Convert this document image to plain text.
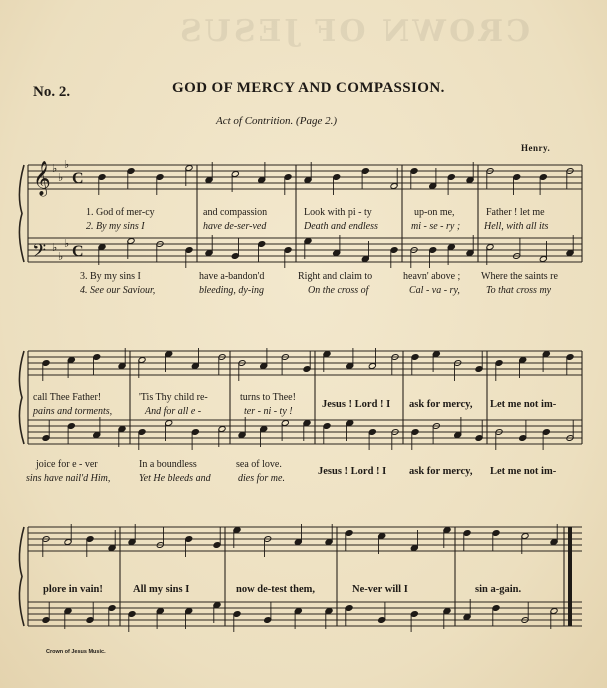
CROWN OF JESUS
No. 2.	GOD OF MERCY AND COMPASSION.
Act of Contrition. (Page 2.)
Henry.
𝄞
𝄢
♭
♭
♭
♭
♭
♭
C
C
1. God of mer-cy
2. By my sins I
and compassion
have de-ser-ved
Look with pi - ty
Death and endless
up-on me,
mi - se - ry ;
Father ! let me
Hell, with all its
3. By my sins I
4. See our Saviour,
have a-bandon'd
bleeding, dy-ing
Right and claim to
On the cross of
heavn' above ;
Cal - va - ry,
Where the saints re
To that cross my
call Thee Father!
pains and torments,
'Tis Thy child re-
And for all e -
turns to Thee!
ter - ni - ty !
Jesus ! Lord ! I ask for mercy, Let me not im-
joice for e - ver
sins have nail'd Him,
In a boundless
Yet He bleeds and
sea of love.
dies for me.
Jesus ! Lord ! I ask for mercy, Let me not im-
plore in vain!	All my sins I	now de-test them,	Ne-ver will I	sin a-gain.
Crown of Jesus Music.
